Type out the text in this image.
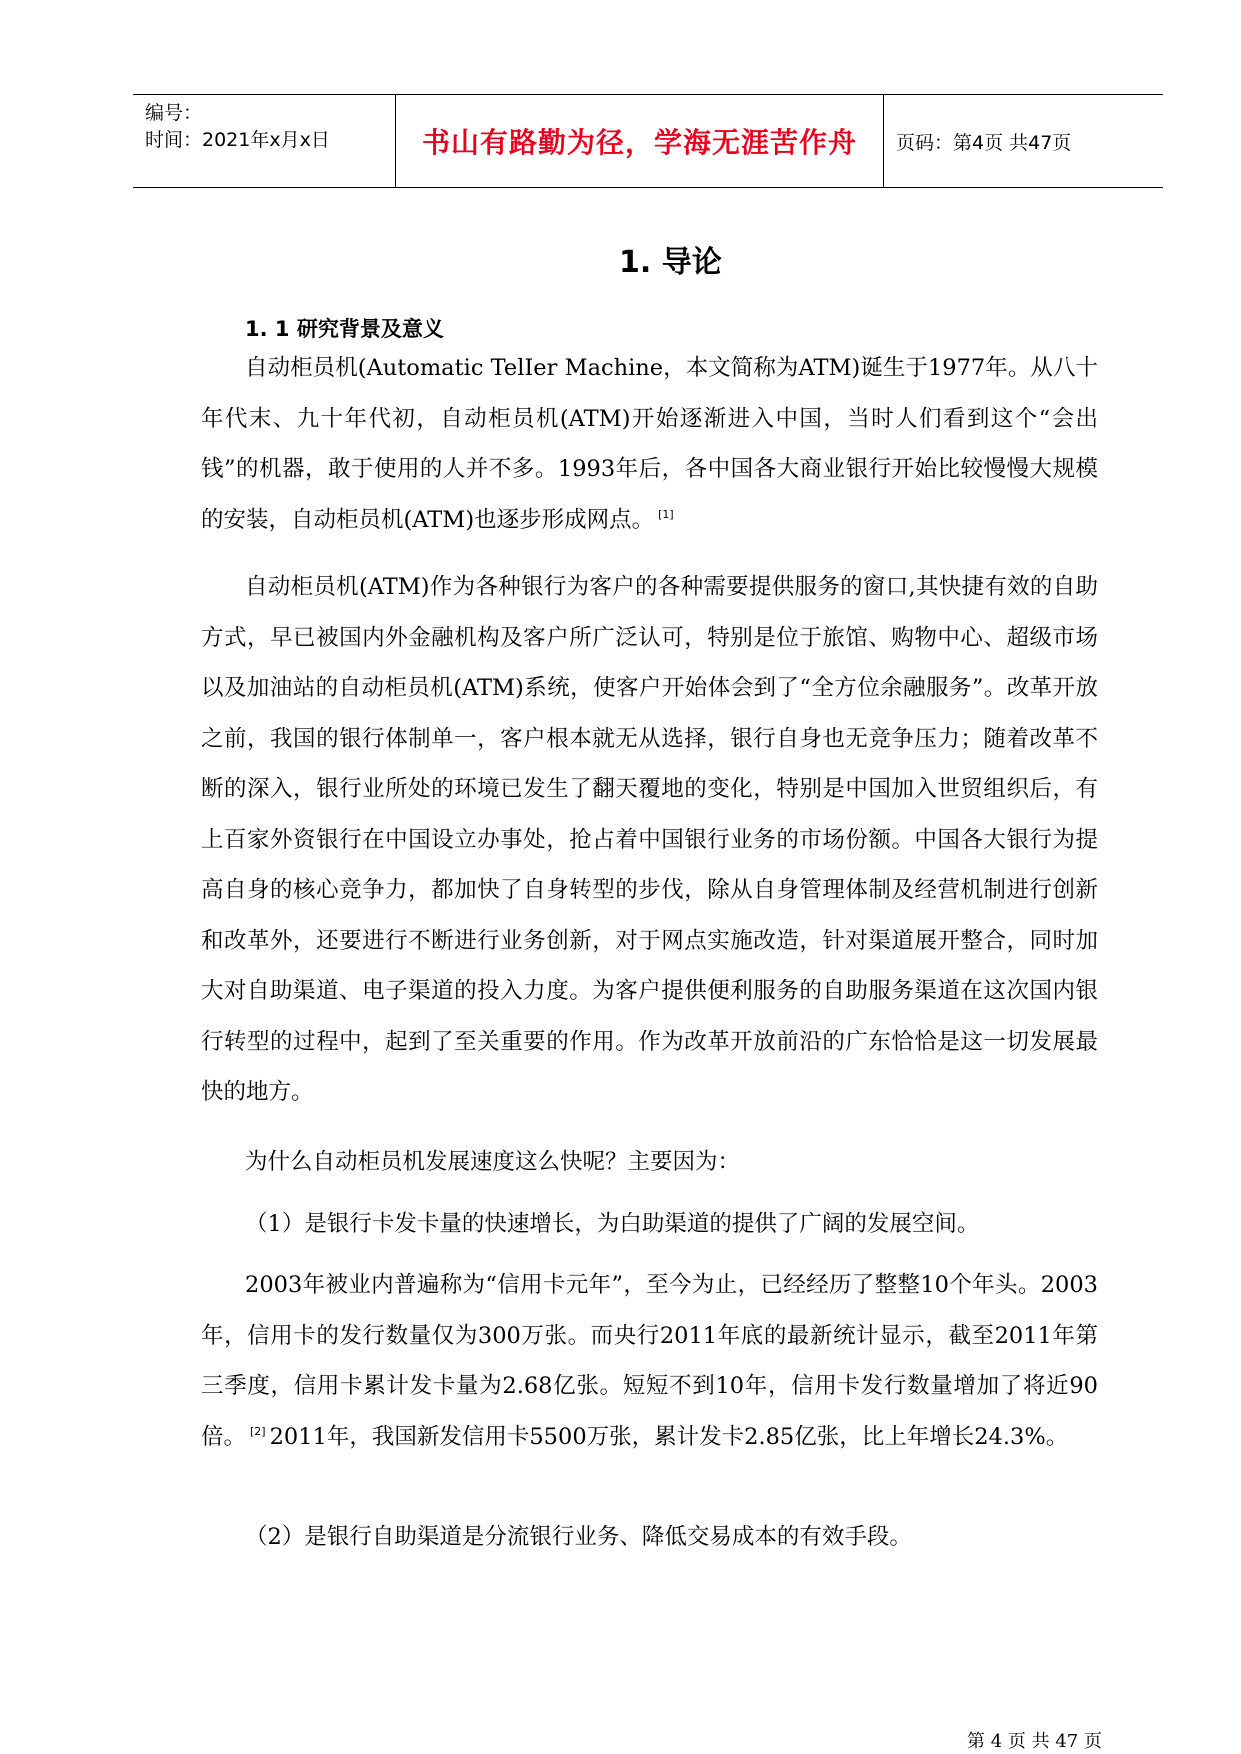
编号：
时间：2021年x月x日	书山有路勤为径，学海无涯苦作舟	页码：第4页 共47页
1. 导论
1. 1 研究背景及意义

自动柜员机(Automatic TelIer Machine，本文简称为ATM)诞生于1977年。从八十年代末、九十年代初，自动柜员机(ATM)开始逐渐进入中国，当时人们看到这个“会出钱”的机器，敢于使用的人并不多。1993年后，各中国各大商业银行开始比较慢慢大规模的安装，自动柜员机(ATM)也逐步形成网点。 [1]

自动柜员机(ATM)作为各种银行为客户的各种需要提供服务的窗口,其快捷有效的自助方式，早已被国内外金融机构及客户所广泛认可，特别是位于旅馆、购物中心、超级市场以及加油站的自动柜员机(ATM)系统，使客户开始体会到了“全方位余融服务”。改革开放之前，我国的银行体制单一，客户根本就无从选择，银行自身也无竞争压力；随着改革不断的深入，银行业所处的环境已发生了翻天覆地的变化，特别是中国加入世贸组织后，有上百家外资银行在中国设立办事处，抢占着中国银行业务的市场份额。中国各大银行为提高自身的核心竞争力，都加快了自身转型的步伐，除从自身管理体制及经营机制进行创新和改革外，还要进行不断进行业务创新，对于网点实施改造，针对渠道展开整合，同时加大对自助渠道、电子渠道的投入力度。为客户提供便利服务的自助服务渠道在这次国内银行转型的过程中，起到了至关重要的作用。作为改革开放前沿的广东恰恰是这一切发展最快的地方。

为什么自动柜员机发展速度这么快呢？主要因为：

（1）是银行卡发卡量的快速增长，为白助渠道的提供了广阔的发展空间。

2003年被业内普遍称为“信用卡元年”，至今为止，已经经历了整整10个年头。2003年，信用卡的发行数量仅为300万张。而央行2011年底的最新统计显示，截至2011年第三季度，信用卡累计发卡量为2.68亿张。短短不到10年，信用卡发行数量增加了将近90倍。 [2] 2011年，我国新发信用卡5500万张，累计发卡2.85亿张，比上年增长24.3%。

（2）是银行自助渠道是分流银行业务、降低交易成本的有效手段。

第 4 页 共 47 页
